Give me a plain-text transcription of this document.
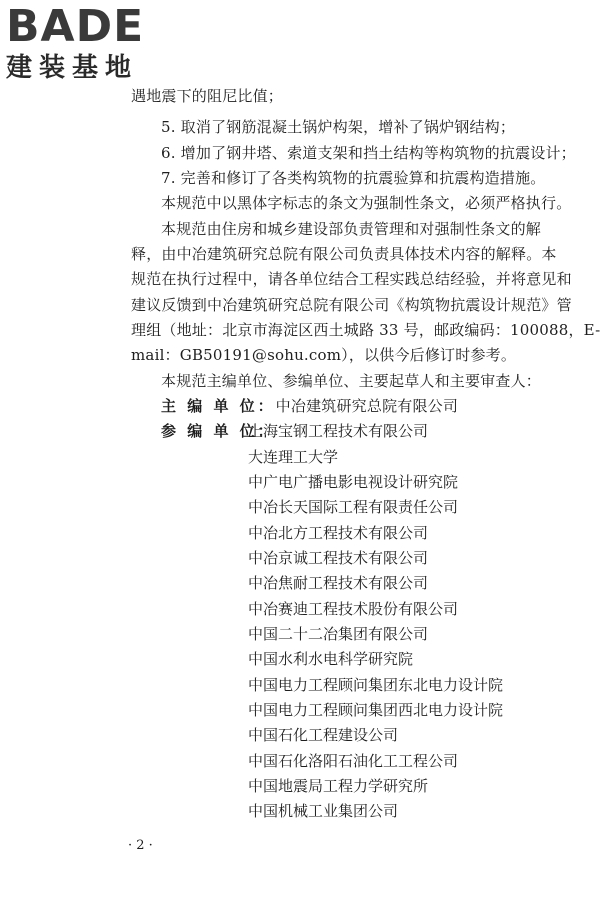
BADE
建装基地
遇地震下的阻尼比值；
5. 取消了钢筋混凝土锅炉构架，增补了锅炉钢结构；
6. 增加了钢井塔、索道支架和挡土结构等构筑物的抗震设计；
7. 完善和修订了各类构筑物的抗震验算和抗震构造措施。
本规范中以黑体字标志的条文为强制性条文，必须严格执行。
本规范由住房和城乡建设部负责管理和对强制性条文的解
释，由中冶建筑研究总院有限公司负责具体技术内容的解释。本
规范在执行过程中，请各单位结合工程实践总结经验，并将意见和
建议反馈到中冶建筑研究总院有限公司《构筑物抗震设计规范》管
理组（地址：北京市海淀区西土城路 33 号，邮政编码：100088，E-
mail：GB50191@sohu.com），以供今后修订时参考。
本规范主编单位、参编单位、主要起草人和主要审查人：
主 编 单 位：中冶建筑研究总院有限公司
参 编 单 位：
上海宝钢工程技术有限公司
大连理工大学
中广电广播电影电视设计研究院
中冶长天国际工程有限责任公司
中冶北方工程技术有限公司
中冶京诚工程技术有限公司
中冶焦耐工程技术有限公司
中冶赛迪工程技术股份有限公司
中国二十二冶集团有限公司
中国水利水电科学研究院
中国电力工程顾问集团东北电力设计院
中国电力工程顾问集团西北电力设计院
中国石化工程建设公司
中国石化洛阳石油化工工程公司
中国地震局工程力学研究所
中国机械工业集团公司
· 2 ·
